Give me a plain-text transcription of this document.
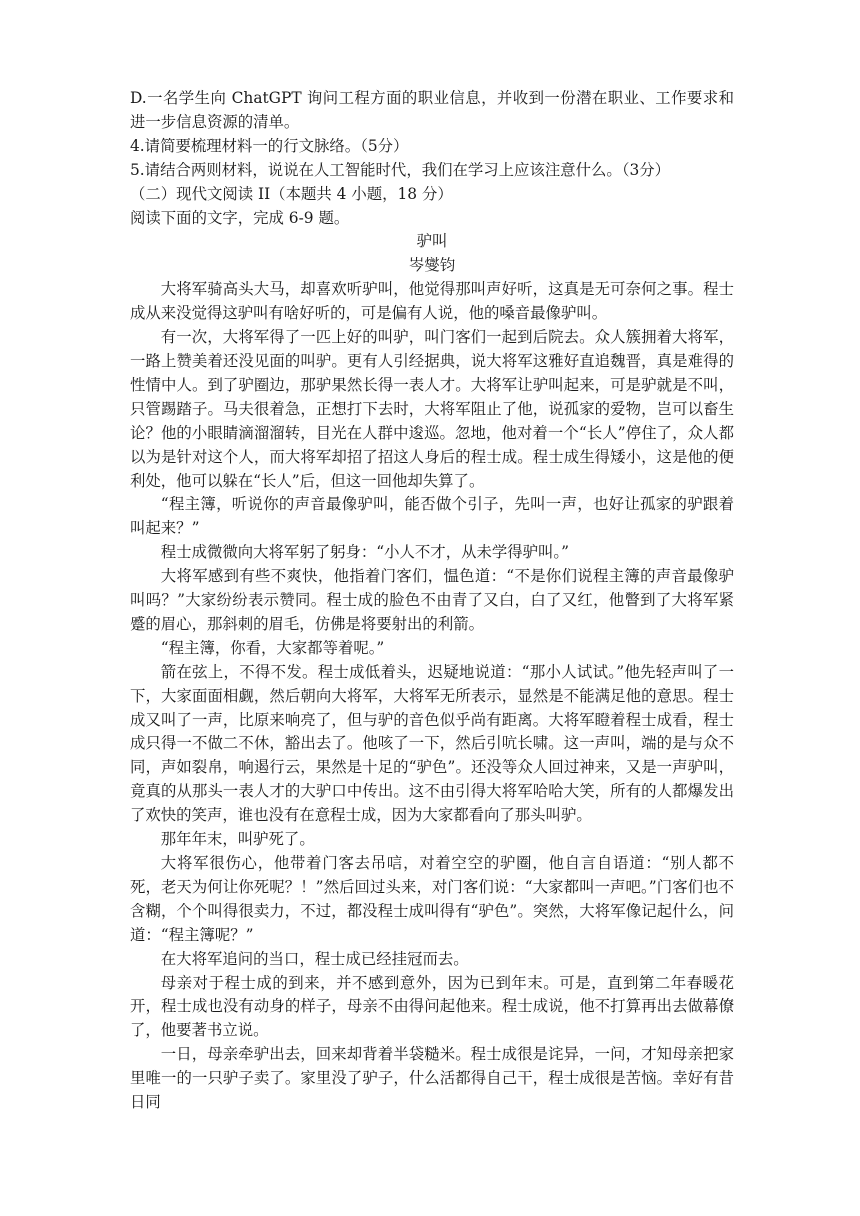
D.一名学生向 ChatGPT 询问工程方面的职业信息，并收到一份潜在职业、工作要求和进一步信息资源的清单。

4.请简要梳理材料一的行文脉络。（5分）

5.请结合两则材料，说说在人工智能时代，我们在学习上应该注意什么。（3分）

（二）现代文阅读 II（本题共 4 小题，18 分）

阅读下面的文字，完成 6-9 题。

驴叫

岑燮钧

大将军骑高头大马，却喜欢听驴叫，他觉得那叫声好听，这真是无可奈何之事。程士成从来没觉得这驴叫有啥好听的，可是偏有人说，他的嗓音最像驴叫。

有一次，大将军得了一匹上好的叫驴，叫门客们一起到后院去。众人簇拥着大将军，一路上赞美着还没见面的叫驴。更有人引经据典，说大将军这雅好直追魏晋，真是难得的性情中人。到了驴圈边，那驴果然长得一表人才。大将军让驴叫起来，可是驴就是不叫，只管踢踏子。马夫很着急，正想打下去时，大将军阻止了他，说孤家的爱物，岂可以畜生论？他的小眼睛滴溜溜转，目光在人群中逡巡。忽地，他对着一个“长人”停住了，众人都以为是针对这个人，而大将军却招了招这人身后的程士成。程士成生得矮小，这是他的便利处，他可以躲在“长人”后，但这一回他却失算了。

“程主簿，听说你的声音最像驴叫，能否做个引子，先叫一声，也好让孤家的驴跟着叫起来？”

程士成微微向大将军躬了躬身：“小人不才，从未学得驴叫。”

大将军感到有些不爽快，他指着门客们，愠色道：“不是你们说程主簿的声音最像驴叫吗？”大家纷纷表示赞同。程士成的脸色不由青了又白，白了又红，他瞥到了大将军紧蹙的眉心，那斜刺的眉毛，仿佛是将要射出的利箭。

“程主簿，你看，大家都等着呢。”

箭在弦上，不得不发。程士成低着头，迟疑地说道：“那小人试试。”他先轻声叫了一下，大家面面相觑，然后朝向大将军，大将军无所表示，显然是不能满足他的意思。程士成又叫了一声，比原来响亮了，但与驴的音色似乎尚有距离。大将军瞪着程士成看，程士成只得一不做二不休，豁出去了。他咳了一下，然后引吭长啸。这一声叫，端的是与众不同，声如裂帛，响遏行云，果然是十足的“驴色”。还没等众人回过神来，又是一声驴叫，竟真的从那头一表人才的大驴口中传出。这不由引得大将军哈哈大笑，所有的人都爆发出了欢快的笑声，谁也没有在意程士成，因为大家都看向了那头叫驴。

那年年末，叫驴死了。

大将军很伤心，他带着门客去吊唁，对着空空的驴圈，他自言自语道：“别人都不死，老天为何让你死呢？！”然后回过头来，对门客们说：“大家都叫一声吧。”门客们也不含糊，个个叫得很卖力，不过，都没程士成叫得有“驴色”。突然，大将军像记起什么，问道：“程主簿呢？”

在大将军追问的当口，程士成已经挂冠而去。

母亲对于程士成的到来，并不感到意外，因为已到年末。可是，直到第二年春暖花开，程士成也没有动身的样子，母亲不由得问起他来。程士成说，他不打算再出去做幕僚了，他要著书立说。

一日，母亲牵驴出去，回来却背着半袋糙米。程士成很是诧异，一问，才知母亲把家里唯一的一只驴子卖了。家里没了驴子，什么活都得自己干，程士成很是苦恼。幸好有昔日同
